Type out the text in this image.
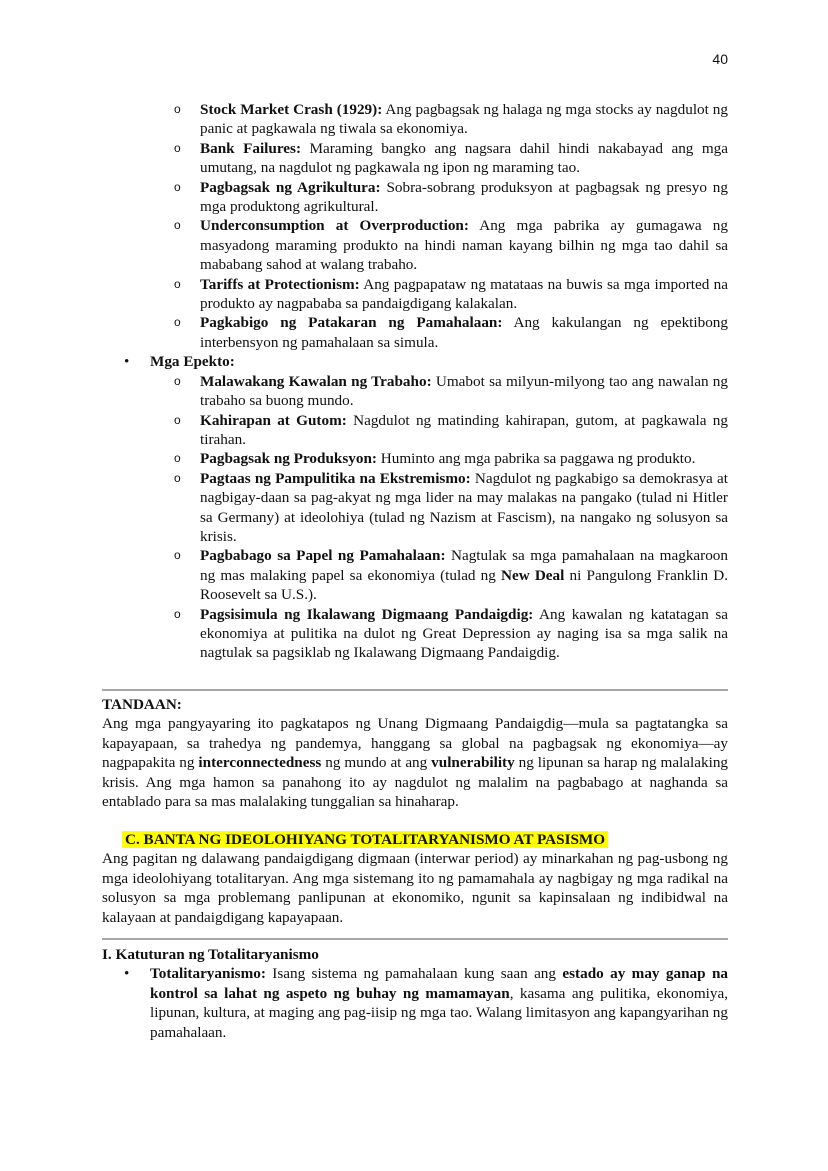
40
o Stock Market Crash (1929): Ang pagbagsak ng halaga ng mga stocks ay nagdulot ng panic at pagkawala ng tiwala sa ekonomiya.
o Bank Failures: Maraming bangko ang nagsara dahil hindi nakabayad ang mga umutang, na nagdulot ng pagkawala ng ipon ng maraming tao.
o Pagbagsak ng Agrikultura: Sobra-sobrang produksyon at pagbagsak ng presyo ng mga produktong agrikultural.
o Underconsumption at Overproduction: Ang mga pabrika ay gumagawa ng masyadong maraming produkto na hindi naman kayang bilhin ng mga tao dahil sa mababang sahod at walang trabaho.
o Tariffs at Protectionism: Ang pagpapataw ng matataas na buwis sa mga imported na produkto ay nagpababa sa pandaigdigang kalakalan.
o Pagkabigo ng Patakaran ng Pamahalaan: Ang kakulangan ng epektibong interbensyon ng pamahalaan sa simula.
• Mga Epekto:
o Malawakang Kawalan ng Trabaho: Umabot sa milyun-milyong tao ang nawalan ng trabaho sa buong mundo.
o Kahirapan at Gutom: Nagdulot ng matinding kahirapan, gutom, at pagkawala ng tirahan.
o Pagbagsak ng Produksyon: Huminto ang mga pabrika sa paggawa ng produkto.
o Pagtaas ng Pampulitika na Ekstremismo: Nagdulot ng pagkabigo sa demokrasya at nagbigay-daan sa pag-akyat ng mga lider na may malakas na pangako (tulad ni Hitler sa Germany) at ideolohiya (tulad ng Nazism at Fascism), na nangako ng solusyon sa krisis.
o Pagbabago sa Papel ng Pamahalaan: Nagtulak sa mga pamahalaan na magkaroon ng mas malaking papel sa ekonomiya (tulad ng New Deal ni Pangulong Franklin D. Roosevelt sa U.S.).
o Pagsisimula ng Ikalawang Digmaang Pandaigdig: Ang kawalan ng katatagan sa ekonomiya at pulitika na dulot ng Great Depression ay naging isa sa mga salik na nagtulak sa pagsiklab ng Ikalawang Digmaang Pandaigdig.
TANDAAN:

Ang mga pangyayaring ito pagkatapos ng Unang Digmaang Pandaigdig—mula sa pagtatangka sa kapayapaan, sa trahedya ng pandemya, hanggang sa global na pagbagsak ng ekonomiya—ay nagpapakita ng interconnectedness ng mundo at ang vulnerability ng lipunan sa harap ng malalaking krisis. Ang mga hamon sa panahong ito ay nagdulot ng malalim na pagbabago at naghanda sa entablado para sa mas malalaking tunggalian sa hinaharap.

C. BANTA NG IDEOLOHIYANG TOTALITARYANISMO AT PASISMO

Ang pagitan ng dalawang pandaigdigang digmaan (interwar period) ay minarkahan ng pag-usbong ng mga ideolohiyang totalitaryan. Ang mga sistemang ito ng pamamahala ay nagbigay ng mga radikal na solusyon sa mga problemang panlipunan at ekonomiko, ngunit sa kapinsalaan ng indibidwal na kalayaan at pandaigdigang kapayapaan.

I. Katuturan ng Totalitaryanismo
• Totalitaryanismo: Isang sistema ng pamahalaan kung saan ang estado ay may ganap na kontrol sa lahat ng aspeto ng buhay ng mamamayan, kasama ang pulitika, ekonomiya, lipunan, kultura, at maging ang pag-iisip ng mga tao. Walang limitasyon ang kapangyarihan ng pamahalaan.
